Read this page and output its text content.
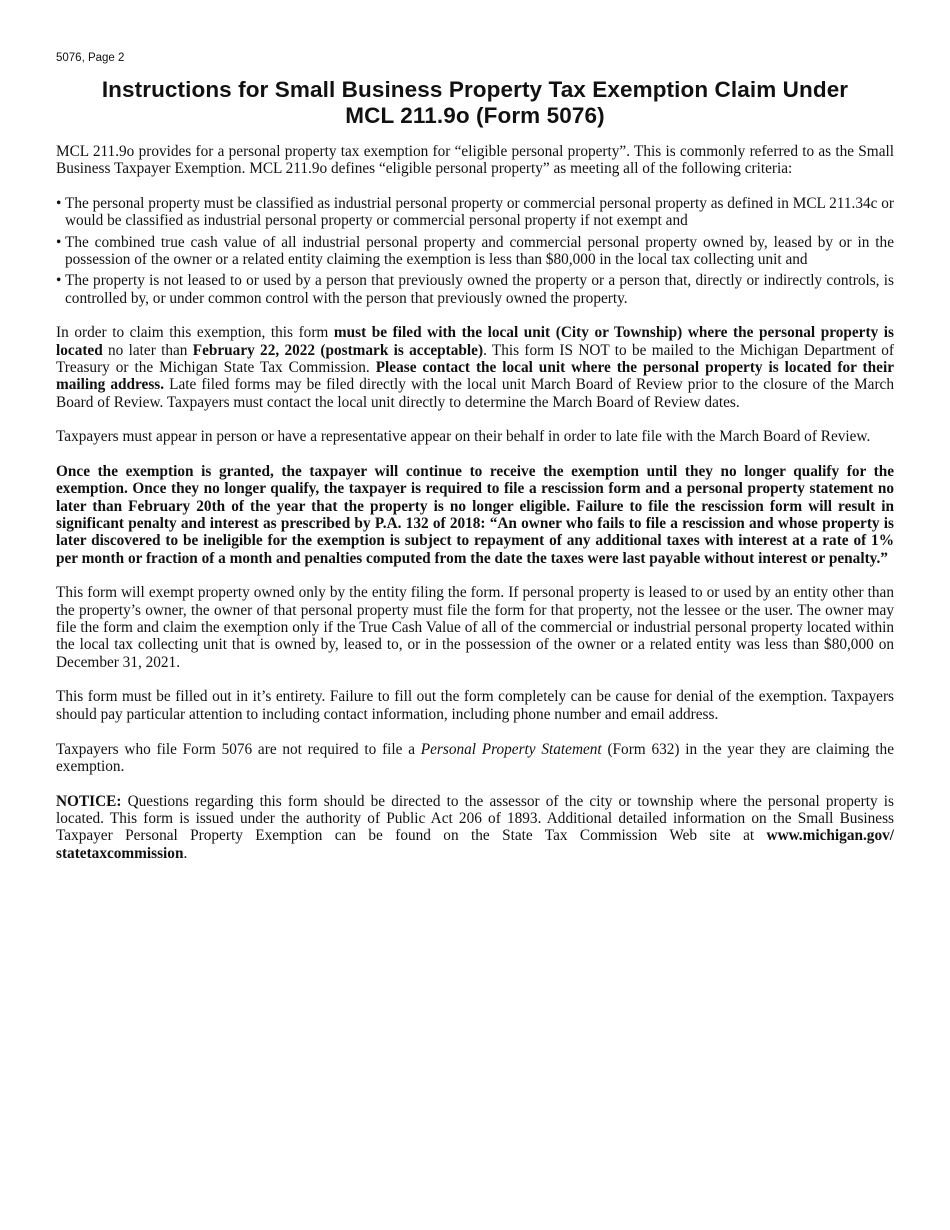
5076, Page 2

Instructions for Small Business Property Tax Exemption Claim Under
MCL 211.9o (Form 5076)

MCL 211.9o provides for a personal property tax exemption for “eligible personal property”. This is commonly referred to as the Small Business Taxpayer Exemption. MCL 211.9o defines “eligible personal property” as meeting all of the following criteria:

• The personal property must be classified as industrial personal property or commercial personal property as defined in MCL 211.34c or would be classified as industrial personal property or commercial personal property if not exempt and
• The combined true cash value of all industrial personal property and commercial personal property owned by, leased by or in the possession of the owner or a related entity claiming the exemption is less than $80,000 in the local tax collecting unit and
• The property is not leased to or used by a person that previously owned the property or a person that, directly or indirectly controls, is controlled by, or under common control with the person that previously owned the property.

In order to claim this exemption, this form must be filed with the local unit (City or Township) where the personal property is located no later than February 22, 2022 (postmark is acceptable). This form IS NOT to be mailed to the Michigan Department of Treasury or the Michigan State Tax Commission. Please contact the local unit where the personal property is located for their mailing address. Late filed forms may be filed directly with the local unit March Board of Review prior to the closure of the March Board of Review. Taxpayers must contact the local unit directly to determine the March Board of Review dates.

Taxpayers must appear in person or have a representative appear on their behalf in order to late file with the March Board of Review.

Once the exemption is granted, the taxpayer will continue to receive the exemption until they no longer qualify for the exemption. Once they no longer qualify, the taxpayer is required to file a rescission form and a personal property statement no later than February 20th of the year that the property is no longer eligible. Failure to file the rescission form will result in significant penalty and interest as prescribed by P.A. 132 of 2018: “An owner who fails to file a rescission and whose property is later discovered to be ineligible for the exemption is subject to repayment of any additional taxes with interest at a rate of 1% per month or fraction of a month and penalties computed from the date the taxes were last payable without interest or penalty.”

This form will exempt property owned only by the entity filing the form. If personal property is leased to or used by an entity other than the property’s owner, the owner of that personal property must file the form for that property, not the lessee or the user. The owner may file the form and claim the exemption only if the True Cash Value of all of the commercial or industrial personal property located within the local tax collecting unit that is owned by, leased to, or in the possession of the owner or a related entity was less than $80,000 on December 31, 2021.

This form must be filled out in it’s entirety. Failure to fill out the form completely can be cause for denial of the exemption. Taxpayers should pay particular attention to including contact information, including phone number and email address.

Taxpayers who file Form 5076 are not required to file a Personal Property Statement (Form 632) in the year they are claiming the exemption.

NOTICE: Questions regarding this form should be directed to the assessor of the city or township where the personal property is located. This form is issued under the authority of Public Act 206 of 1893. Additional detailed information on the Small Business Taxpayer Personal Property Exemption can be found on the State Tax Commission Web site at www.michigan.gov/ statetaxcommission.
